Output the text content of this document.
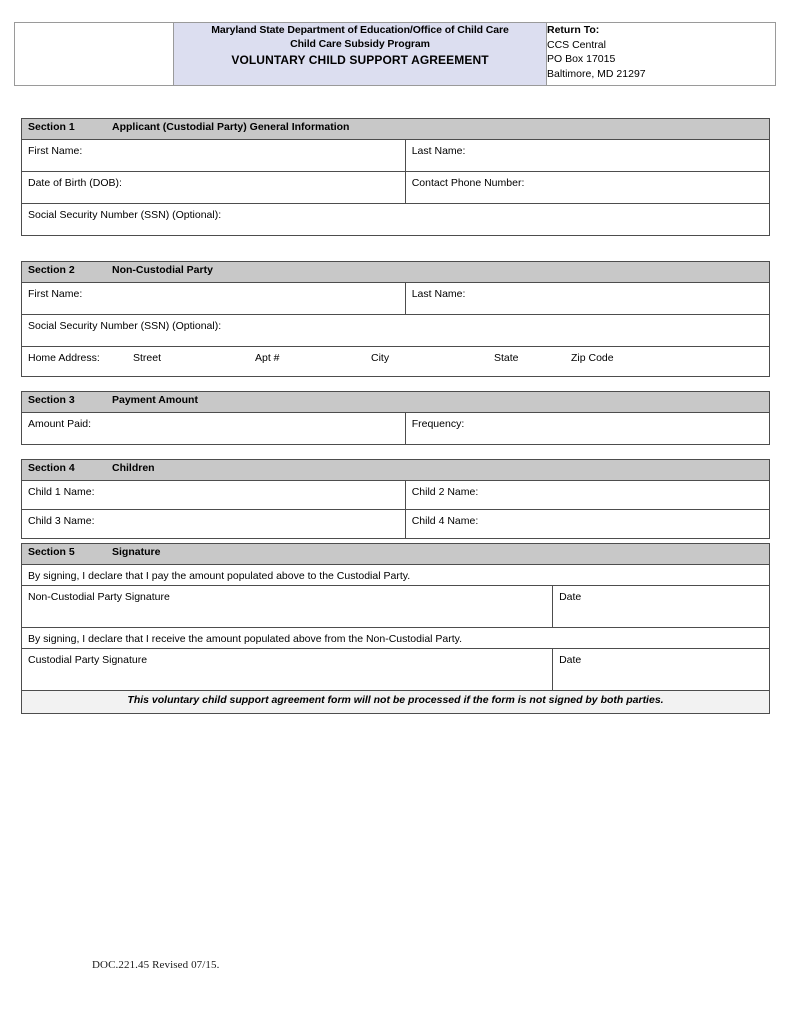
Maryland State Department of Education/Office of Child Care
Child Care Subsidy Program
VOLUNTARY CHILD SUPPORT AGREEMENT

Return To:
CCS Central
PO Box 17015
Baltimore, MD 21297
Section 1 Applicant (Custodial Party) General Information	

First Name:	Last Name:
Date of Birth (DOB):	Contact Phone Number:
Social Security Number (SSN) (Optional):	
Section 2	Non-Custodial Party

First Name:	Last Name:
Social Security Number (SSN) (Optional):

Home Address:	Street	Apt #	City	State	Zip Code
Section 3	Payment Amount

Amount Paid:	Frequency:
Section 4 Children	

Child 1 Name:	Child 2 Name:
Child 3 Name:	Child 4 Name:
Section 5 Signature	

By signing, I declare that I pay the amount populated above to the Custodial Party.	
Non-Custodial Party Signature	Date
By signing, I declare that I receive the amount populated above from the Non-Custodial Party.	
Custodial Party Signature	Date
This voluntary child support agreement form will not be processed if the form is not signed by both parties.	
DOC.221.45 Revised 07/15.
